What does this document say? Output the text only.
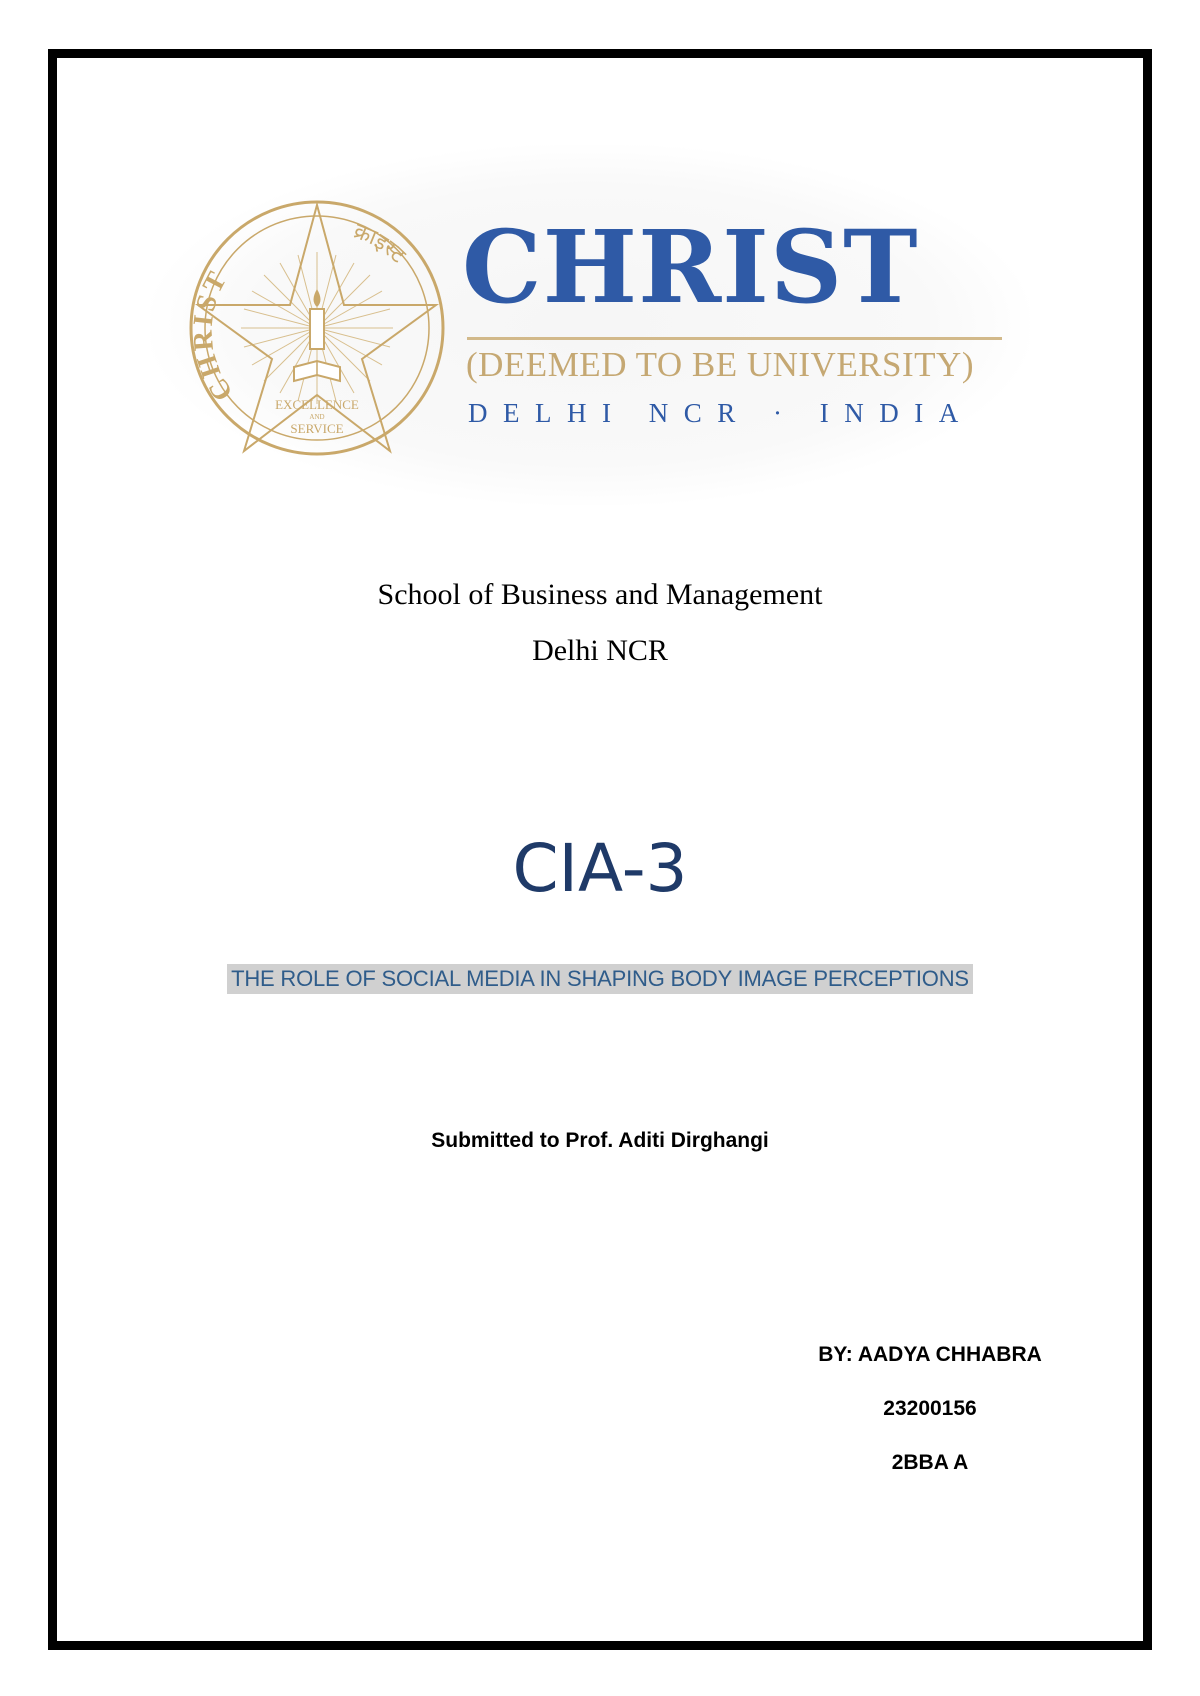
CHRIST
क्राइस्ट
EXCELLENCE
AND
SERVICE
CHRIST
(DEEMED TO BE UNIVERSITY)
DELHI NCR · INDIA
School of Business and Management
Delhi NCR
CIA-3
THE ROLE OF SOCIAL MEDIA IN SHAPING BODY IMAGE PERCEPTIONS
Submitted to Prof. Aditi Dirghangi
BY: AADYA CHHABRA
23200156
2BBA A
